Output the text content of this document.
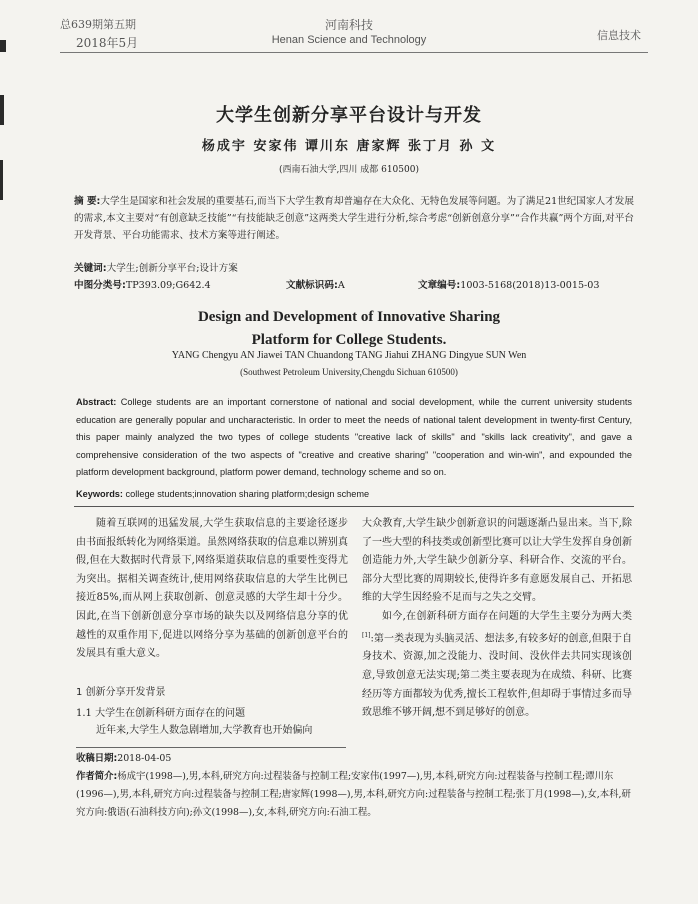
总639期第五期
2018年5月
河南科技
Henan Science and Technology	信息技术
大学生创新分享平台设计与开发
杨成宇 安家伟 谭川东 唐家辉 张丁月 孙 文
(西南石油大学,四川 成都 610500)
摘 要:大学生是国家和社会发展的重要基石,而当下大学生教育却普遍存在大众化、无特色发展等问题。为了满足21世纪国家人才发展的需求,本文主要对“有创意缺乏技能”“有技能缺乏创意”这两类大学生进行分析,综合考虑“创新创意分享”“合作共赢”两个方面,对平台开发背景、平台功能需求、技术方案等进行阐述。
关键词:大学生;创新分享平台;设计方案
中图分类号:TP393.09;G642.4	文献标识码:A	文章编号:1003-5168(2018)13-0015-03
Design and Development of Innovative Sharing
Platform for College Students.
YANG Chengyu AN Jiawei TAN Chuandong TANG Jiahui ZHANG Dingyue SUN Wen
(Southwest Petroleum University,Chengdu Sichuan 610500)
Abstract: College students are an important cornerstone of national and social development, while the current university students education are generally popular and uncharacteristic. In order to meet the needs of national talent development in twenty-first Century, this paper mainly analyzed the two types of college students "creative lack of skills" and "skills lack creativity", and gave a comprehensive consideration of the two aspects of "creative and creative sharing" "cooperation and win-win", and expounded the platform development background, platform power demand, technology scheme and so on.
Keywords: college students;innovation sharing platform;design scheme

随着互联网的迅猛发展,大学生获取信息的主要途径逐步由书面报纸转化为网络渠道。虽然网络获取的信息难以辨别真假,但在大数据时代背景下,网络渠道获取信息的重要性变得尤为突出。据相关调查统计,使用网络获取信息的大学生比例已接近85%,而从网上获取创新、创意灵感的大学生却十分少。因此,在当下创新创意分享市场的缺失以及网络信息分享的优越性的双重作用下,促进以网络分享为基础的创新创意平台的发展具有重大意义。

1 创新分享开发背景
1.1 大学生在创新科研方面存在的问题

近年来,大学生人数急剧增加,大学教育也开始偏向

大众教育,大学生缺少创新意识的问题逐渐凸显出来。当下,除了一些大型的科技类或创新型比赛可以让大学生发挥自身创新创造能力外,大学生缺少创新分享、科研合作、交流的平台。部分大型比赛的周期较长,使得许多有意愿发展自己、开拓思维的大学生因经验不足而与之失之交臂。

如今,在创新科研方面存在问题的大学生主要分为两大类[1]:第一类表现为头脑灵活、想法多,有较多好的创意,但限于自身技术、资源,加之没能力、没时间、没伙伴去共同实现该创意,导致创意无法实现;第二类主要表现为在成绩、科研、比赛经历等方面都较为优秀,擅长工程软件,但却碍于事情过多而导致思维不够开阔,想不到足够好的创意。

收稿日期:2018-04-05
作者简介:杨成宇(1998—),男,本科,研究方向:过程装备与控制工程;安家伟(1997—),男,本科,研究方向:过程装备与控制工程;谭川东(1996—),男,本科,研究方向:过程装备与控制工程;唐家辉(1998—),男,本科,研究方向:过程装备与控制工程;张丁月(1998—),女,本科,研究方向:俄语(石油科技方向);孙文(1998—),女,本科,研究方向:石油工程。
